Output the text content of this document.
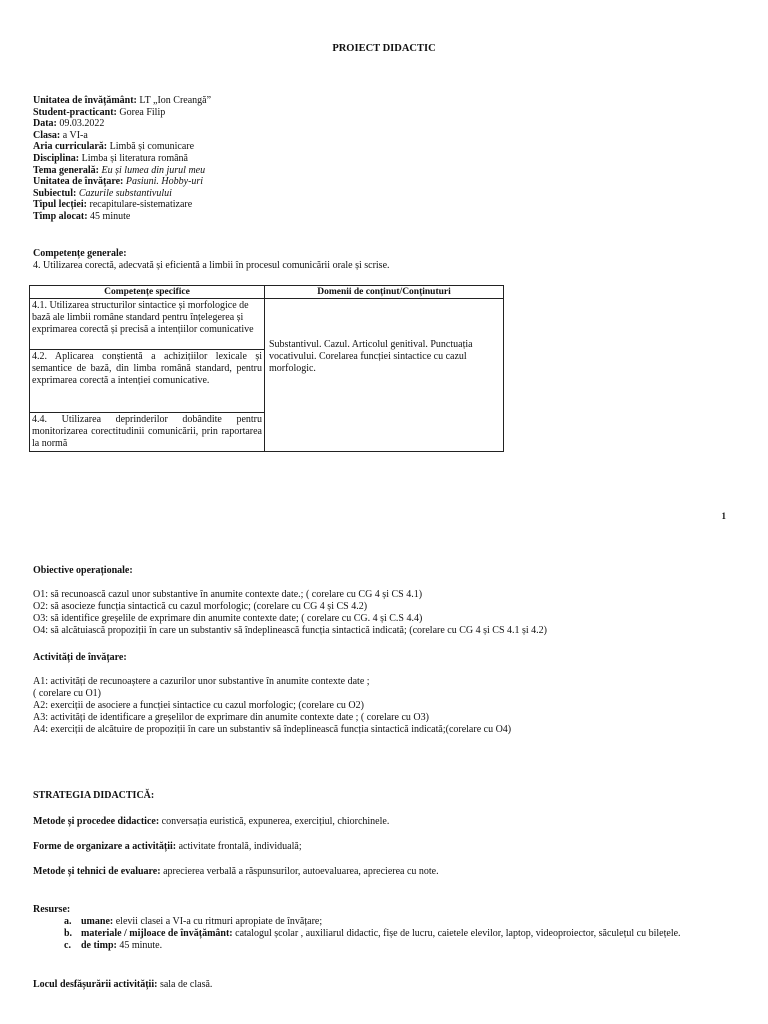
PROIECT DIDACTIC
Unitatea de învățământ: LT „Ion Creangă”
Student-practicant: Gorea Filip
Data: 09.03.2022
Clasa: a VI-a
Aria curriculară: Limbă și comunicare
Disciplina: Limba și literatura română
Tema generală: Eu și lumea din jurul meu
Unitatea de învățare: Pasiuni. Hobby-uri
Subiectul: Cazurile substantivului
Tipul lecției: recapitulare-sistematizare
Timp alocat: 45 minute
Competențe generale:
4. Utilizarea corectă, adecvată și eficientă a limbii în procesul comunicării orale și scrise.
Competențe specifice	Domenii de conținut/Conținuturi

4.1. Utilizarea structurilor sintactice și morfologice de bază ale limbii române standard pentru înțelegerea și exprimarea corectă și precisă a intențiilor comunicative	Substantivul. Cazul. Articolul genitival. Punctuația vocativului. Corelarea funcției sintactice cu cazul morfologic.

4.2. Aplicarea conștientă a achizițiilor lexicale și semantice de bază, din limba română standard, pentru exprimarea corectă a intenției comunicative.	

4.4. Utilizarea deprinderilor dobândite pentru monitorizarea corectitudinii comunicării, prin raportarea la normă	
1
Obiective operaționale:
O1: să recunoască cazul unor substantive în anumite contexte date.; ( corelare cu CG 4 și CS 4.1)
O2: să asocieze funcția sintactică cu cazul morfologic; (corelare cu CG 4 și CS 4.2)
O3: să identifice greșelile de exprimare din anumite contexte date; ( corelare cu CG. 4 și C.S 4.4)
O4: să alcătuiască propoziții în care un substantiv să îndeplinească funcția sintactică indicată; (corelare cu CG 4 și CS 4.1 și 4.2)
Activități de învățare:
A1: activități de recunoaștere a cazurilor unor substantive în anumite contexte date ;
( corelare cu O1)
A2: exerciții de asociere a funcției sintactice cu cazul morfologic; (corelare cu O2)
A3: activități de identificare a greșelilor de exprimare din anumite contexte date ; ( corelare cu O3)
A4: exerciții de alcătuire de propoziții în care un substantiv să îndeplinească funcția sintactică indicată;(corelare cu O4)
STRATEGIA DIDACTICĂ:
Metode și procedee didactice: conversația euristică, expunerea, exercițiul, chiorchinele.
Forme de organizare a activității: activitate frontală, individuală;
Metode și tehnici de evaluare: aprecierea verbală a răspunsurilor, autoevaluarea, aprecierea cu note.
Resurse:
a. umane: elevii clasei a VI-a cu ritmuri apropiate de învățare;
b. materiale / mijloace de învățământ: catalogul școlar , auxiliarul didactic, fișe de lucru, caietele elevilor, laptop, videoproiector, săculețul cu bilețele.
c. de timp: 45 minute.
Locul desfășurării activității: sala de clasă.
